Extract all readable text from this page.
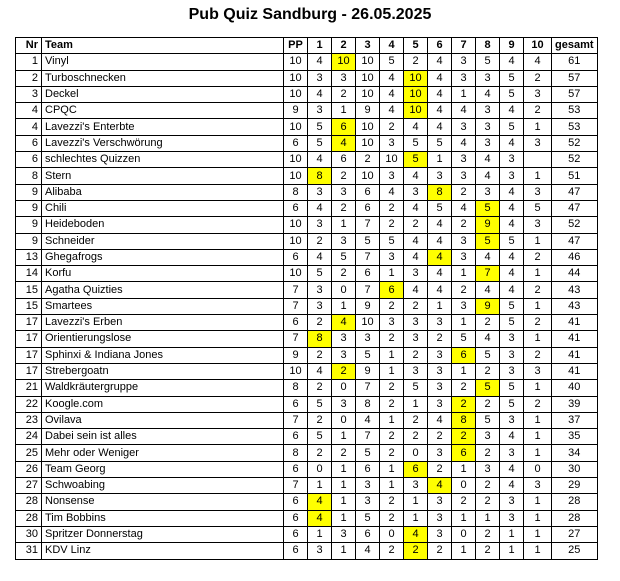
Pub Quiz Sandburg - 26.05.2025
Nr	Team	PP	1	2	3	4	5	6	7	8	9	10	gesamt
1	Vinyl	10	4	10	10	5	2	4	3	5	4	4	61
2	Turboschnecken	10	3	3	10	4	10	4	3	3	5	2	57
3	Deckel	10	4	2	10	4	10	4	1	4	5	3	57
4	CPQC	9	3	1	9	4	10	4	4	3	4	2	53
4	Lavezzi's Enterbte	10	5	6	10	2	4	4	3	3	5	1	53
6	Lavezzi's Verschwörung	6	5	4	10	3	5	5	4	3	4	3	52
6	schlechtes Quizzen	10	4	6	2	10	5	1	3	4	3		52
8	Stern	10	8	2	10	3	4	3	3	4	3	1	51
9	Alibaba	8	3	3	6	4	3	8	2	3	4	3	47
9	Chili	6	4	2	6	2	4	5	4	5	4	5	47
9	Heideboden	10	3	1	7	2	2	4	2	9	4	3	52
9	Schneider	10	2	3	5	5	4	4	3	5	5	1	47
13	Ghegafrogs	6	4	5	7	3	4	4	3	4	4	2	46
14	Korfu	10	5	2	6	1	3	4	1	7	4	1	44
15	Agatha Quizties	7	3	0	7	6	4	4	2	4	4	2	43
15	Smartees	7	3	1	9	2	2	1	3	9	5	1	43
17	Lavezzi's Erben	6	2	4	10	3	3	3	1	2	5	2	41
17	Orientierungslose	7	8	3	3	2	3	2	5	4	3	1	41
17	Sphinxi & Indiana Jones	9	2	3	5	1	2	3	6	5	3	2	41
17	Strebergoatn	10	4	2	9	1	3	3	1	2	3	3	41
21	Waldkräutergruppe	8	2	0	7	2	5	3	2	5	5	1	40
22	Koogle.com	6	5	3	8	2	1	3	2	2	5	2	39
23	Ovilava	7	2	0	4	1	2	4	8	5	3	1	37
24	Dabei sein ist alles	6	5	1	7	2	2	2	2	3	4	1	35
25	Mehr oder Weniger	8	2	2	5	2	0	3	6	2	3	1	34
26	Team Georg	6	0	1	6	1	6	2	1	3	4	0	30
27	Schwoabing	7	1	1	3	1	3	4	0	2	4	3	29
28	Nonsense	6	4	1	3	2	1	3	2	2	3	1	28
28	Tim Bobbins	6	4	1	5	2	1	3	1	1	3	1	28
30	Spritzer Donnerstag	6	1	3	6	0	4	3	0	2	1	1	27
31	KDV Linz	6	3	1	4	2	2	2	1	2	1	1	25
